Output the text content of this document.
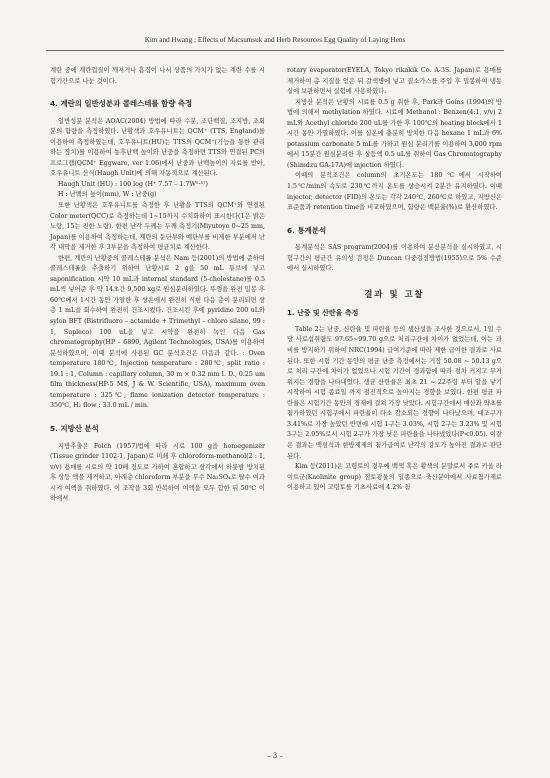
Kim and Hwang ; Effects of Macsumsuk and Herb Resources Egg Quality of Laying Hens

계란 중에 계란껍질이 깨져거나 흠집이 나서 상품의 가치가 없는 계란 수를 시험기간으로 나눈 것이다.

4. 계란의 일반성분과 콜레스테롤 함량 측정

일반성분 분석은 AOAC(2004) 방법에 따라 수분, 조단백질, 조지방, 조회분의 함량을 측정하였다. 난황색과 호우유니트는 QCM⁺ (TTS, England)를 이용하여 측정하였는데, 호우유니트(HU)는 TTS의 QCM⁺(기능을 통한 관리하는 장치)를 이용하여 농후난백 높이와 난중을 측정하면 TTS와 연결된 PC의 프로그램(QCM⁺ Eggware, ver 1.06)에서 난중과 난백높이의 자료를 받아, 호우유니트 산식(Haugh Unit)에 의해 자동적으로 계산된다.

Haugh Unit (HU) : 100 log (H⁺ 7.57 – 1.7W⁰·³⁷)

H : 난백의 높이(mm), W : 난중(g)

또한 난황색은 호우유니트를 측정한 후 난황을 TTS의 QCM⁺와 연결된 Color meter(QCC)로 측정하는데 1~15까지 수치화하여 표시한다(1은 밝은 노랑, 15는 진한 노랑). 한편 난각 두께는 두께 측정기(Miyutoyo 0~25 mm, Japan)를 이용하여 측정하는데, 계란의 둔단부와 예단부를 비제한 부분에서 난각 내막을 제거한 후 3부분을 측정하여 평균치로 계산한다.

한편, 계란의 난황중의 콜레스테롤 분석은 Nam 등(2001)의 방법에 준하여 콜레스테롤을 추출하기 위하여 난황시료 2 g을 50 mL 튜브에 넣고 saponification 시약 10 mL과 internal standard (5-cholestane)를 0.5 mL씩 넣어준 후 약 14초간 9,500 xg로 원심분리하였다. 뚜껑을 완전 밀봉 후 60℃에서 1시간 동안 가열한 후 상온에서 완전히 식힌 다음 층이 분리되면 상층 1 mL을 회수하여 완전히 건조시켰다. 건조시킨 후에 pyridine 200 uL와 sylon BFT (Bistrifluoro – actamide + Trimethyl – chloro silane, 99 : 1, Supleco) 100 uL을 넣고 시약을 완전히 녹인 다음 Gas chromatography(HP – 6890, Agilent Technologies, USA)를 이용하여 분석하였으며, 이때 분석에 사용된 GC 분석조건은 다음과 같다. : Oven temperature 180℃, Injection temperature : 280℃, split ratio : 19.1 : 1, Column : capillary column, 30 m × 0.32 mm I. D., 0.25 um film thickness(HP-5 MS, J & W. Scientific, USA), maximum oven temperature : 325℃, flame ionization detector temperature : 350℃, H₂ flow : 33.0 mL / min.

5. 지방산 분석

지방추출은 Folch (1957)법에 따라 시료 100 g을 homegenizer (Tissue grinder 1102-1, Japan)로 미쇄 후 chloroform-methanol(2 : 1, v/v) 용매를 시료의 약 10배 정도로 가하여 혼합하고 삼각에서 하룻밤 방치된 후 상등 액을 제거하고, 아래층 chloroform 부분을 무수 Na₂SO₄로 탈수 여과시켜 여액을 취하였다. 이 조작을 3회 반복하여 여액을 모두 합한 뒤 50℃ 이하에서

rotary evaporator(EYELA, Tokyo rikakik Co. A-3S. Japan)로 용매를 제거하여 총 지질을 얻은 뒤 갈색병에 넣고 질소가스를 주입 후 밀봉하여 냉동실에 보관하면서 실험에 사용하였다.

지방산 분석은 난황의 시료를 0.5 g 취한 후, Park과 Goins (1994)의 방법에 의해서 methylation 하였다. 시료에 Methanol : Benzen(4:1, v/v) 2 mL와 Acethyl chloride 200 uL를 가한 후 100℃의 heating block에서 1시간 동안 가열하였다. 이를 실온에 충분히 방치한 다음 hexane 1 mL과 6% potassium carbonate 5 mL를 가하고 원심 분리기를 이용하여 3,000 rpm에서 15분간 원심분리한 후 상등액 0.5 uL를 취하여 Gas Chromatography (Shimdzu GA-17A)에 injection 하였다.

이때의 분석조건은 column의 초기온도는 180℃에서 시작하여 1.5℃/min의 속도로 230℃까지 온도를 상승시켜 2분간 유지하였다. 이때 injector, detector (FID)의 온도는 각각 240℃, 260℃로 하였고, 지방산은 표준품과 retention time을 비교하였으며, 함량은 백분율(%)로 환산하였다.

6. 통계분석

통계분석은 SAS program(2004)를 이용하여 분산분석을 실시하였고, 시험구간의 평균간 유의성 검정은 Duncan 다중검정방법(1955)으로 5% 수준에서 실시하였다.

결과 및 고찰
1. 난중 및 산란율 측정

Table 2는 난중, 산란율 및 파란율 등의 생산성을 조사한 것으로서, 1일 수당 사료섭취량도 97.65~99.70 g으로 처리구간에 차이가 없었는데, 이는 과비를 방지하기 위하여 NRC(1994) 급여기준에 따라 제한 급여한 결과로 사료된다. 또한 시험 기간 동안의 평균 난중 측정에서는 거장 50.08 ~ 50.13 g으로 처리 구간에 차이가 없었으나 시험 기간이 경과함에 따라 점차 커지고 무거워지는 경향을 나타내었다. 생균 산란율은 최초 21 ~ 22주령 부터 알을 낳기 시작하여 시험 종료일 까지 점진적으로 높아지는 경향을 보였다. 한편 평균 파란율은 시험기간 동안의 경제에 걸쳐 가장 낮았다. 시험구간에서 매산과 약초를 첨가하였던 시험구에서 파란율이 다소 감소되는 경향이 나타났으며, 대조구가 3.41%로 가장 높았던 반면에 시험 1구는 3.03%, 시험 2구는 3.23% 및 시험 3구는 2.95%로서 시험 2구가 가장 낮은 파란율을 나타냈었다(P<0.05). 이같은 결과는 맥섬석과 한방제제의 첨가급여로 난각의 강도가 높아진 결과로 판단된다.

Kim 등(2011)은 고령토의 경우에 백색 혹은 황색의 분말로서 주로 카올 라이트군(Kaolinite group) 점토광물의 일종으로 축산분야에서 사료첨가제로 이용하고 있어 고령토를 기초사료에 4.2% 첨

– 3 –
